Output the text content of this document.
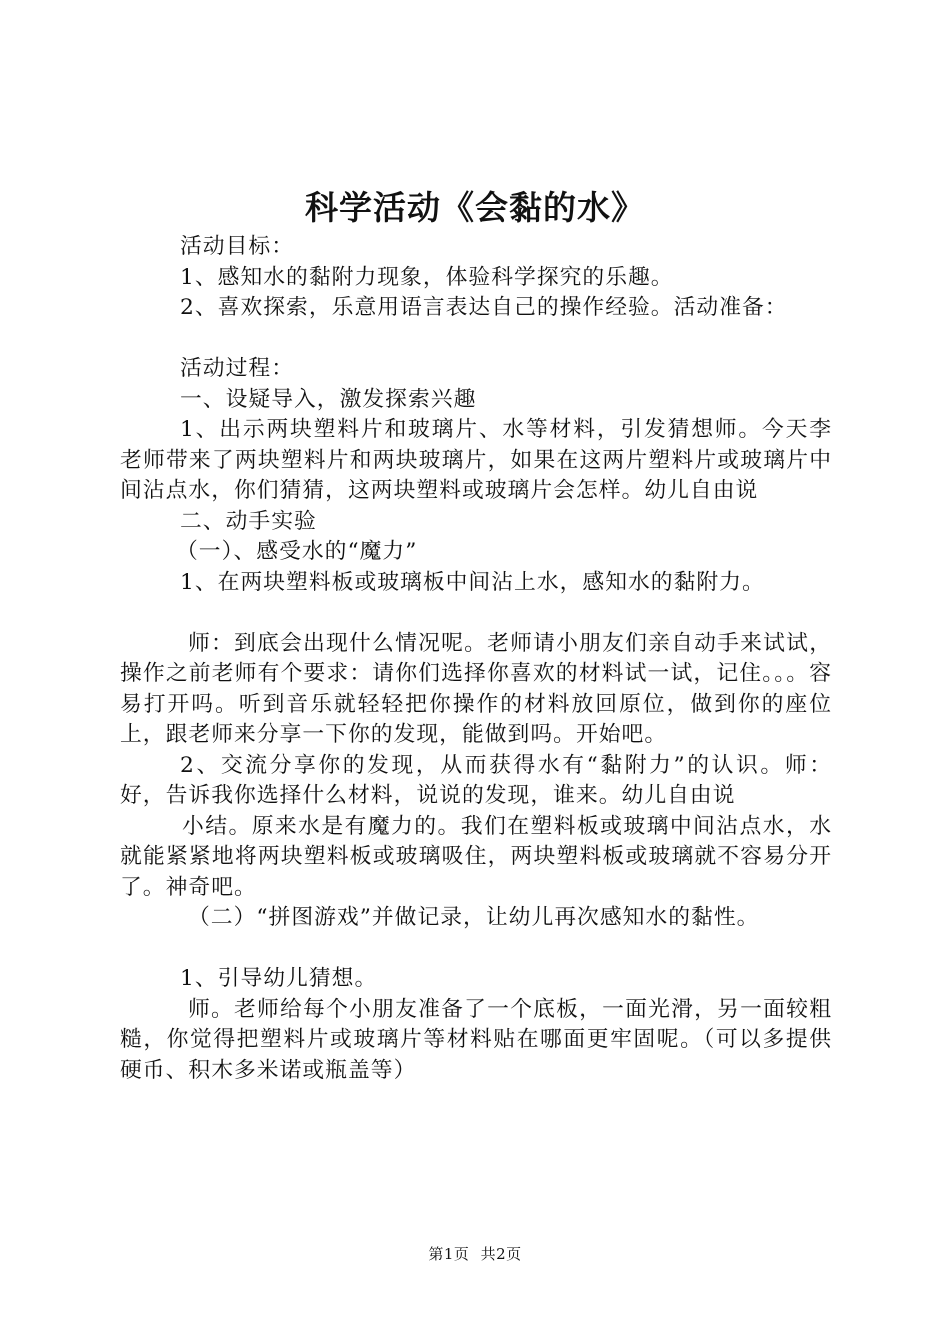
科学活动《会黏的水》

活动目标：

1、感知水的黏附力现象，体验科学探究的乐趣。

2、喜欢探索，乐意用语言表达自己的操作经验。活动准备：

活动过程：

一、设疑导入，激发探索兴趣

1、出示两块塑料片和玻璃片、水等材料，引发猜想师。今天李老师带来了两块塑料片和两块玻璃片，如果在这两片塑料片或玻璃片中间沾点水，你们猜猜，这两块塑料或玻璃片会怎样。幼儿自由说

二、动手实验

（一）、感受水的“魔力”

1、在两块塑料板或玻璃板中间沾上水，感知水的黏附力。

师：到底会出现什么情况呢。老师请小朋友们亲自动手来试试，操作之前老师有个要求：请你们选择你喜欢的材料试一试，记住。。。容易打开吗。听到音乐就轻轻把你操作的材料放回原位，做到你的座位上，跟老师来分享一下你的发现，能做到吗。开始吧。

2、交流分享你的发现，从而获得水有“黏附力”的认识。师：好，告诉我你选择什么材料，说说的发现，谁来。幼儿自由说

小结。原来水是有魔力的。我们在塑料板或玻璃中间沾点水，水就能紧紧地将两块塑料板或玻璃吸住，两块塑料板或玻璃就不容易分开了。神奇吧。

（二）“拼图游戏”并做记录，让幼儿再次感知水的黏性。

1、引导幼儿猜想。

师。老师给每个小朋友准备了一个底板，一面光滑，另一面较粗糙，你觉得把塑料片或玻璃片等材料贴在哪面更牢固呢。（可以多提供硬币、积木多米诺或瓶盖等）

第1页 共2页
